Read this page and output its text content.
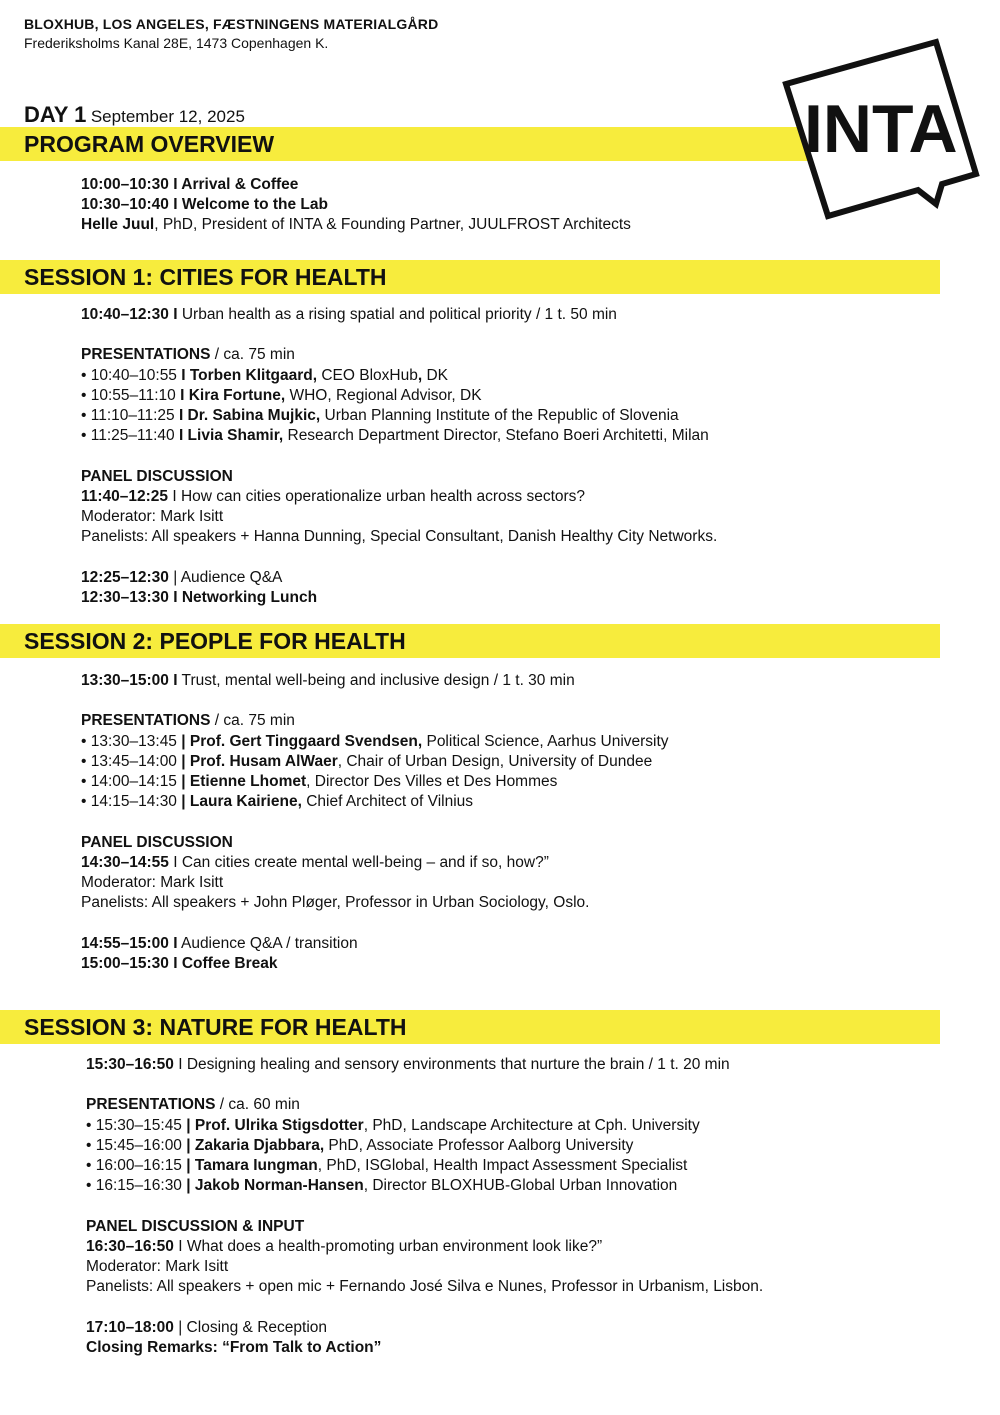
BLOXHUB, LOS ANGELES, FÆSTNINGENS MATERIALGÅRD
Frederiksholms Kanal 28E, 1473 Copenhagen K.
DAY 1 September 12, 2025
PROGRAM OVERVIEW	INTA
10:00–10:30 I Arrival & Coffee
10:30–10:40 I Welcome to the Lab
Helle Juul, PhD, President of INTA & Founding Partner, JUULFROST Architects
SESSION 1: CITIES FOR HEALTH
10:40–12:30 I Urban health as a rising spatial and political priority / 1 t. 50 min
PRESENTATIONS / ca. 75 min
• 10:40–10:55 I Torben Klitgaard, CEO BloxHub, DK
• 10:55–11:10 I Kira Fortune, WHO, Regional Advisor, DK
• 11:10–11:25 I Dr. Sabina Mujkic, Urban Planning Institute of the Republic of Slovenia
• 11:25–11:40 I Livia Shamir, Research Department Director, Stefano Boeri Architetti, Milan
PANEL DISCUSSION
11:40–12:25 I How can cities operationalize urban health across sectors?
Moderator: Mark Isitt
Panelists: All speakers + Hanna Dunning, Special Consultant, Danish Healthy City Networks.
12:25–12:30 | Audience Q&A
12:30–13:30 I Networking Lunch
SESSION 2: PEOPLE FOR HEALTH
13:30–15:00 I Trust, mental well-being and inclusive design / 1 t. 30 min
PRESENTATIONS / ca. 75 min
• 13:30–13:45 | Prof. Gert Tinggaard Svendsen, Political Science, Aarhus University
• 13:45–14:00 | Prof. Husam AlWaer, Chair of Urban Design, University of Dundee
• 14:00–14:15 | Etienne Lhomet, Director Des Villes et Des Hommes
• 14:15–14:30 | Laura Kairiene, Chief Architect of Vilnius
PANEL DISCUSSION
14:30–14:55 I Can cities create mental well-being – and if so, how?”
Moderator: Mark Isitt
Panelists: All speakers + John Pløger, Professor in Urban Sociology, Oslo.
14:55–15:00 I Audience Q&A / transition
15:00–15:30 I Coffee Break
SESSION 3: NATURE FOR HEALTH
15:30–16:50 I Designing healing and sensory environments that nurture the brain / 1 t. 20 min
PRESENTATIONS / ca. 60 min
• 15:30–15:45 | Prof. Ulrika Stigsdotter, PhD, Landscape Architecture at Cph. University
• 15:45–16:00 | Zakaria Djabbara, PhD, Associate Professor Aalborg University
• 16:00–16:15 | Tamara Iungman, PhD, ISGlobal, Health Impact Assessment Specialist
• 16:15–16:30 | Jakob Norman-Hansen, Director BLOXHUB-Global Urban Innovation
PANEL DISCUSSION & INPUT
16:30–16:50 I What does a health-promoting urban environment look like?”
Moderator: Mark Isitt
Panelists: All speakers + open mic + Fernando José Silva e Nunes, Professor in Urbanism, Lisbon.
17:10–18:00 | Closing & Reception
Closing Remarks: “From Talk to Action”
